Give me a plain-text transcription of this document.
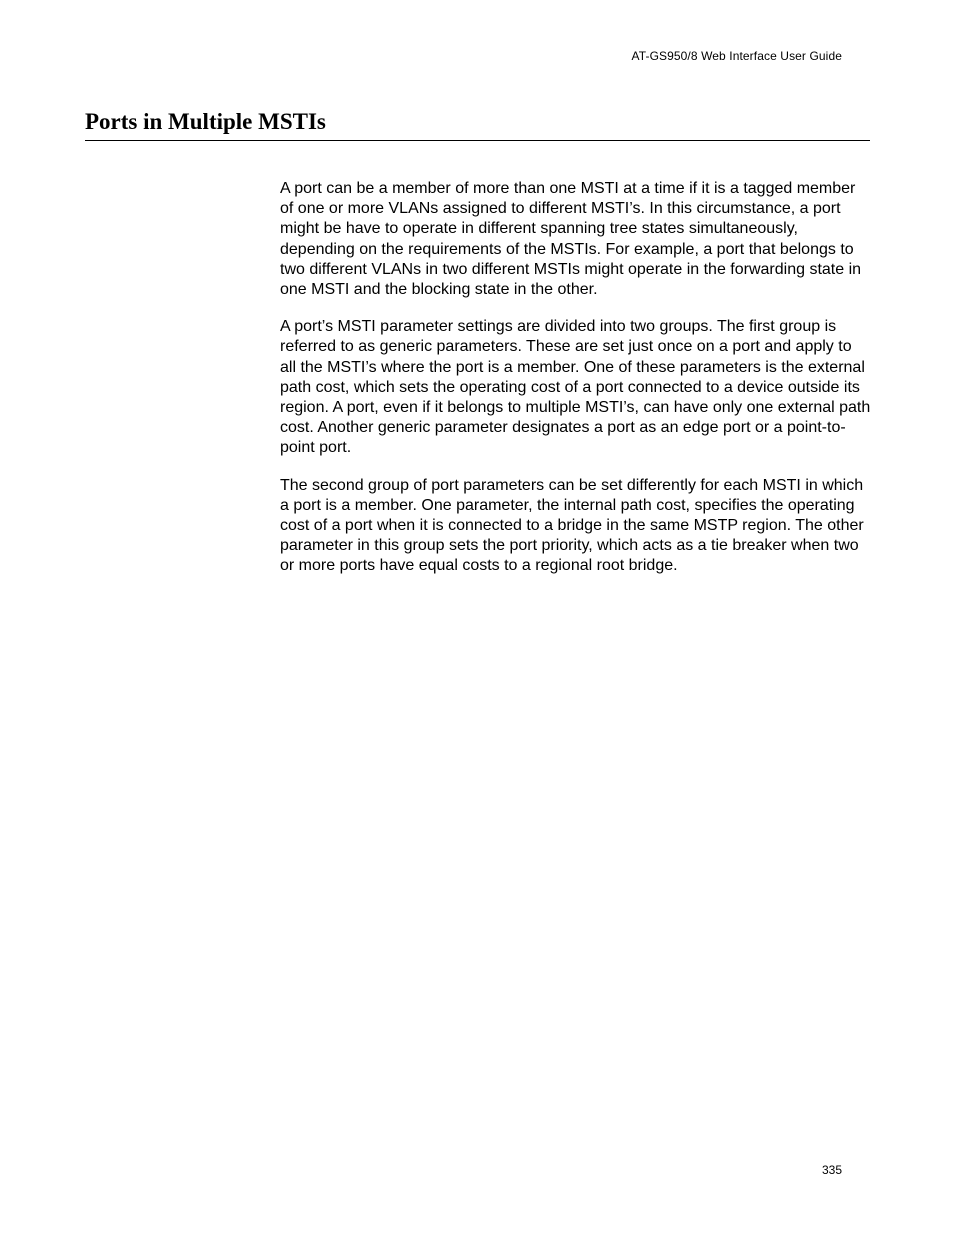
AT-GS950/8 Web Interface User Guide
Ports in Multiple MSTIs

A port can be a member of more than one MSTI at a time if it is a tagged member of one or more VLANs assigned to different MSTI’s. In this circumstance, a port might be have to operate in different spanning tree states simultaneously, depending on the requirements of the MSTIs. For example, a port that belongs to two different VLANs in two different MSTIs might operate in the forwarding state in one MSTI and the blocking state in the other.

A port’s MSTI parameter settings are divided into two groups. The first group is referred to as generic parameters. These are set just once on a port and apply to all the MSTI’s where the port is a member. One of these parameters is the external path cost, which sets the operating cost of a port connected to a device outside its region. A port, even if it belongs to multiple MSTI’s, can have only one external path cost. Another generic parameter designates a port as an edge port or a point-to-point port.

The second group of port parameters can be set differently for each MSTI in which a port is a member. One parameter, the internal path cost, specifies the operating cost of a port when it is connected to a bridge in the same MSTP region. The other parameter in this group sets the port priority, which acts as a tie breaker when two or more ports have equal costs to a regional root bridge.

335
